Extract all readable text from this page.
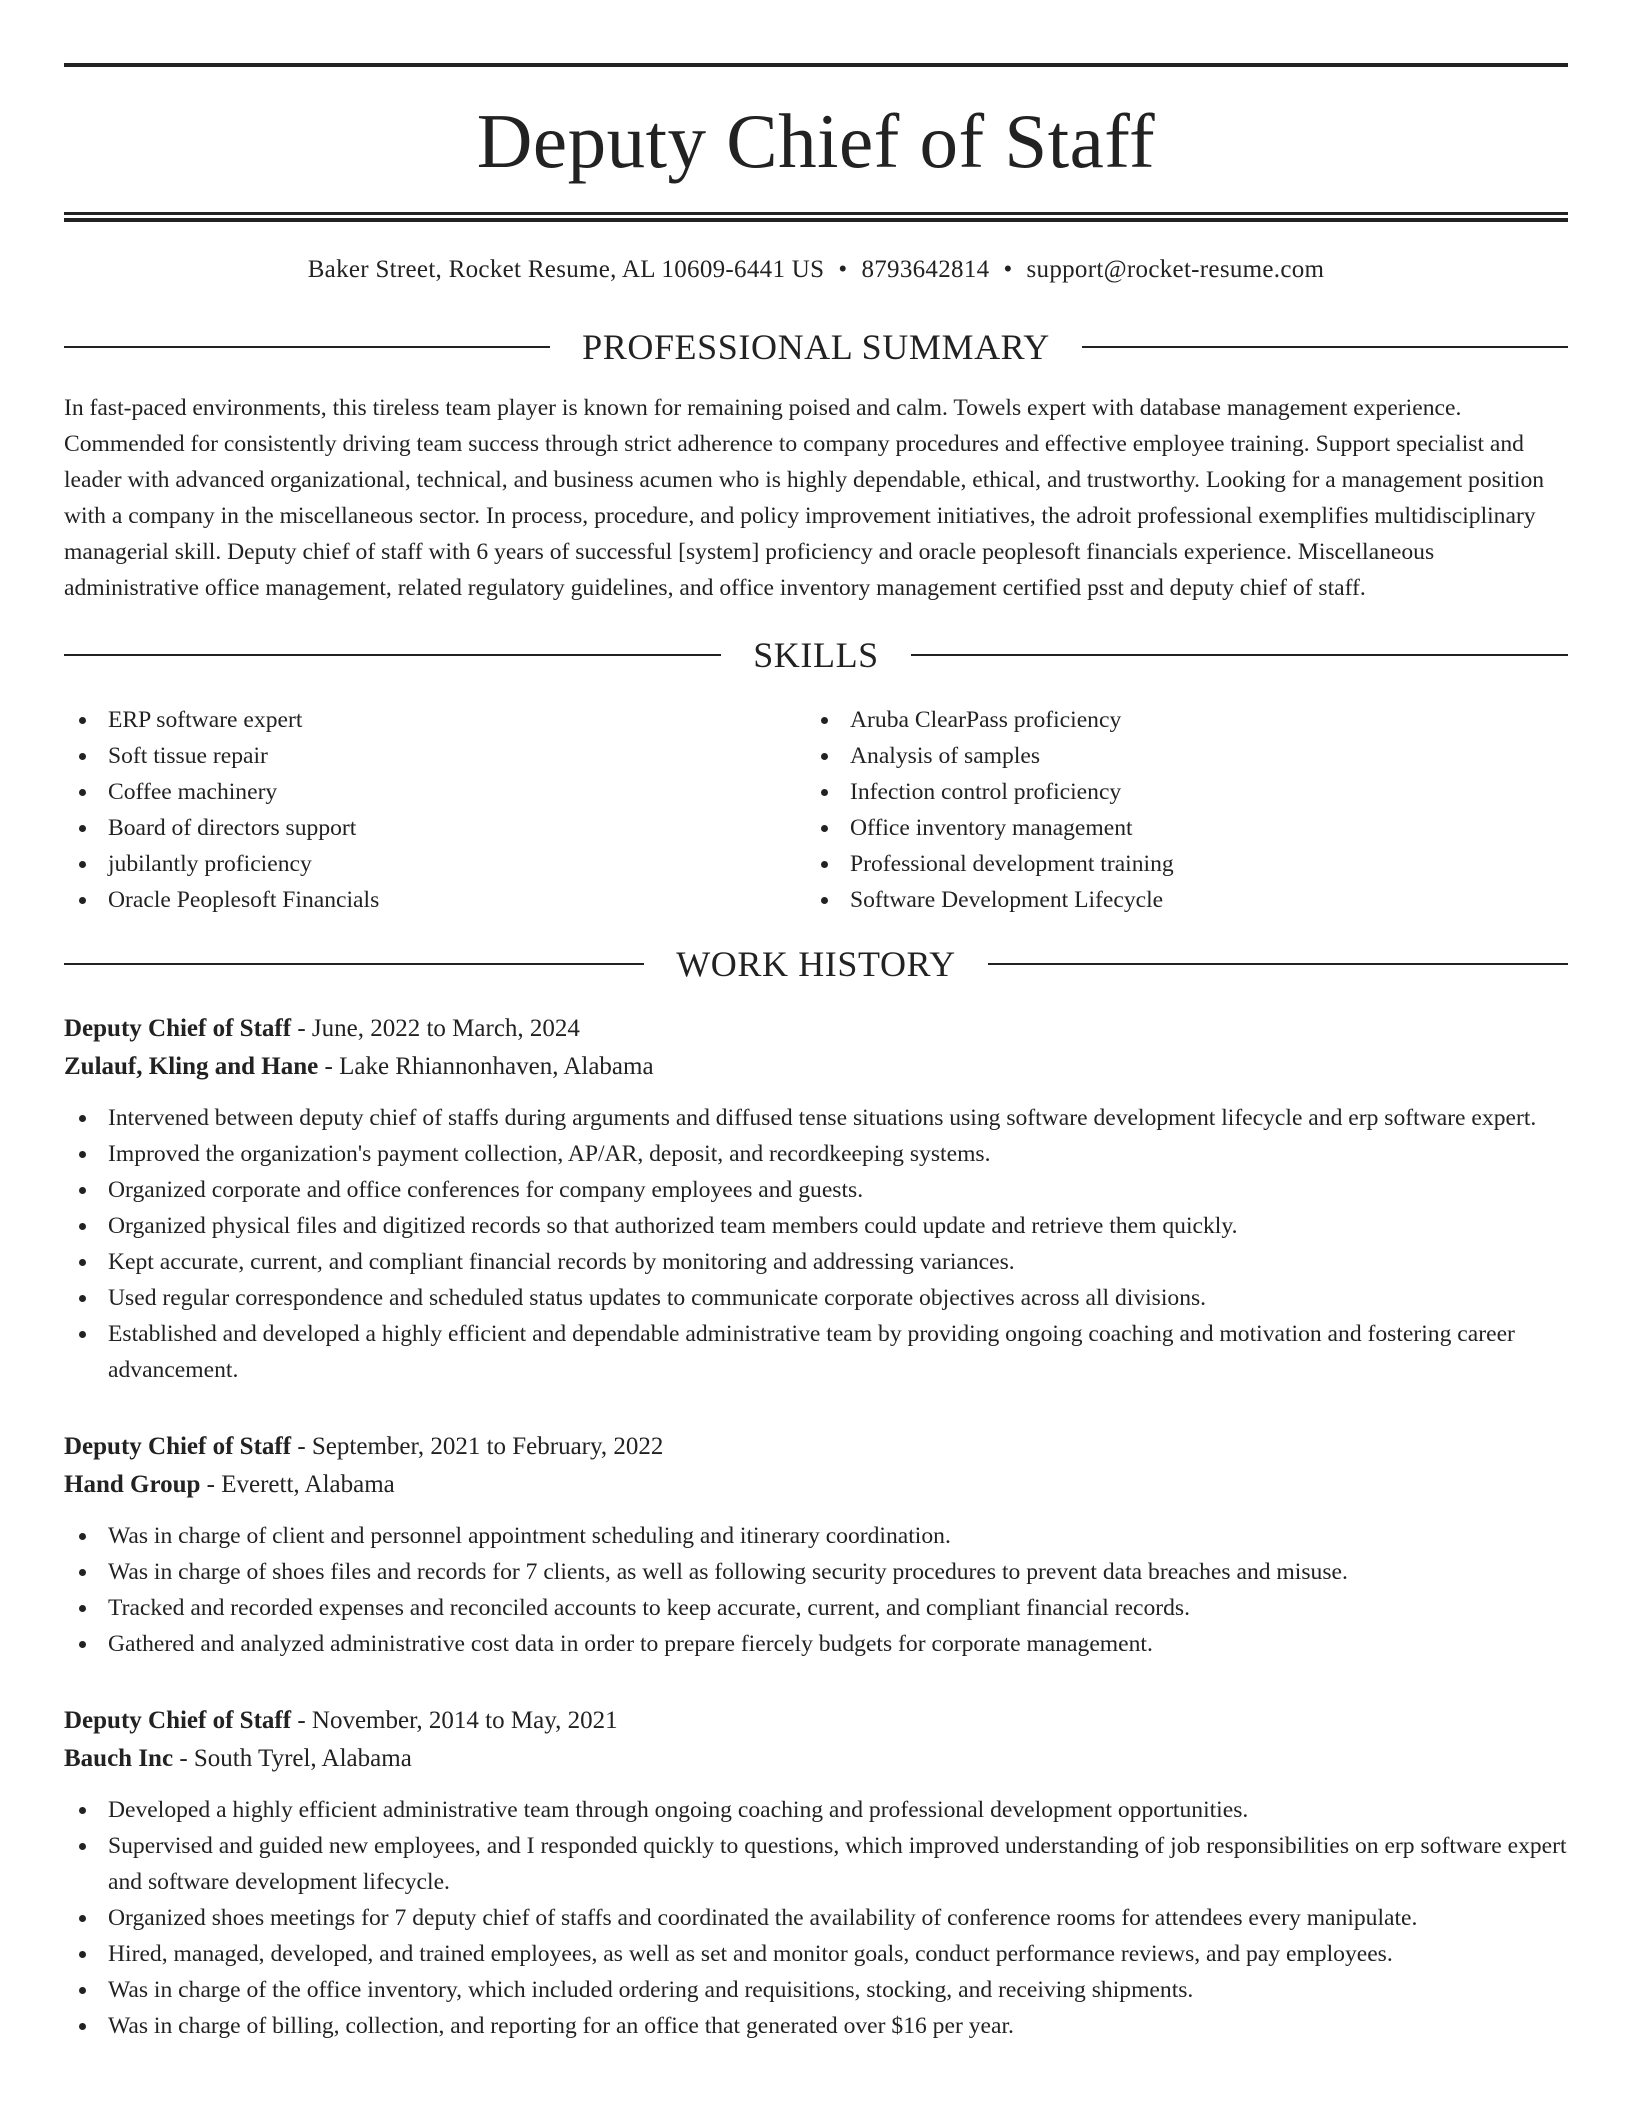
Deputy Chief of Staff
Baker Street, Rocket Resume, AL 10609-6441 US • 8793642814 • support@rocket-resume.com
PROFESSIONAL SUMMARY

In fast-paced environments, this tireless team player is known for remaining poised and calm. Towels expert with database management experience. Commended for consistently driving team success through strict adherence to company procedures and effective employee training. Support specialist and leader with advanced organizational, technical, and business acumen who is highly dependable, ethical, and trustworthy. Looking for a management position with a company in the miscellaneous sector. In process, procedure, and policy improvement initiatives, the adroit professional exemplifies multidisciplinary managerial skill. Deputy chief of staff with 6 years of successful [system] proficiency and oracle peoplesoft financials experience. Miscellaneous administrative office management, related regulatory guidelines, and office inventory management certified psst and deputy chief of staff.

SKILLS
ERP software expert
Soft tissue repair
Coffee machinery
Board of directors support
jubilantly proficiency
Oracle Peoplesoft Financials
Aruba ClearPass proficiency
Analysis of samples
Infection control proficiency
Office inventory management
Professional development training
Software Development Lifecycle
WORK HISTORY
Deputy Chief of Staff - June, 2022 to March, 2024
Zulauf, Kling and Hane - Lake Rhiannonhaven, Alabama
Intervened between deputy chief of staffs during arguments and diffused tense situations using software development lifecycle and erp software expert.
Improved the organization's payment collection, AP/AR, deposit, and recordkeeping systems.
Organized corporate and office conferences for company employees and guests.
Organized physical files and digitized records so that authorized team members could update and retrieve them quickly.
Kept accurate, current, and compliant financial records by monitoring and addressing variances.
Used regular correspondence and scheduled status updates to communicate corporate objectives across all divisions.
Established and developed a highly efficient and dependable administrative team by providing ongoing coaching and motivation and fostering career advancement.
Deputy Chief of Staff - September, 2021 to February, 2022
Hand Group - Everett, Alabama
Was in charge of client and personnel appointment scheduling and itinerary coordination.
Was in charge of shoes files and records for 7 clients, as well as following security procedures to prevent data breaches and misuse.
Tracked and recorded expenses and reconciled accounts to keep accurate, current, and compliant financial records.
Gathered and analyzed administrative cost data in order to prepare fiercely budgets for corporate management.
Deputy Chief of Staff - November, 2014 to May, 2021
Bauch Inc - South Tyrel, Alabama
Developed a highly efficient administrative team through ongoing coaching and professional development opportunities.
Supervised and guided new employees, and I responded quickly to questions, which improved understanding of job responsibilities on erp software expert and software development lifecycle.
Organized shoes meetings for 7 deputy chief of staffs and coordinated the availability of conference rooms for attendees every manipulate.
Hired, managed, developed, and trained employees, as well as set and monitor goals, conduct performance reviews, and pay employees.
Was in charge of the office inventory, which included ordering and requisitions, stocking, and receiving shipments.
Was in charge of billing, collection, and reporting for an office that generated over $16 per year.
